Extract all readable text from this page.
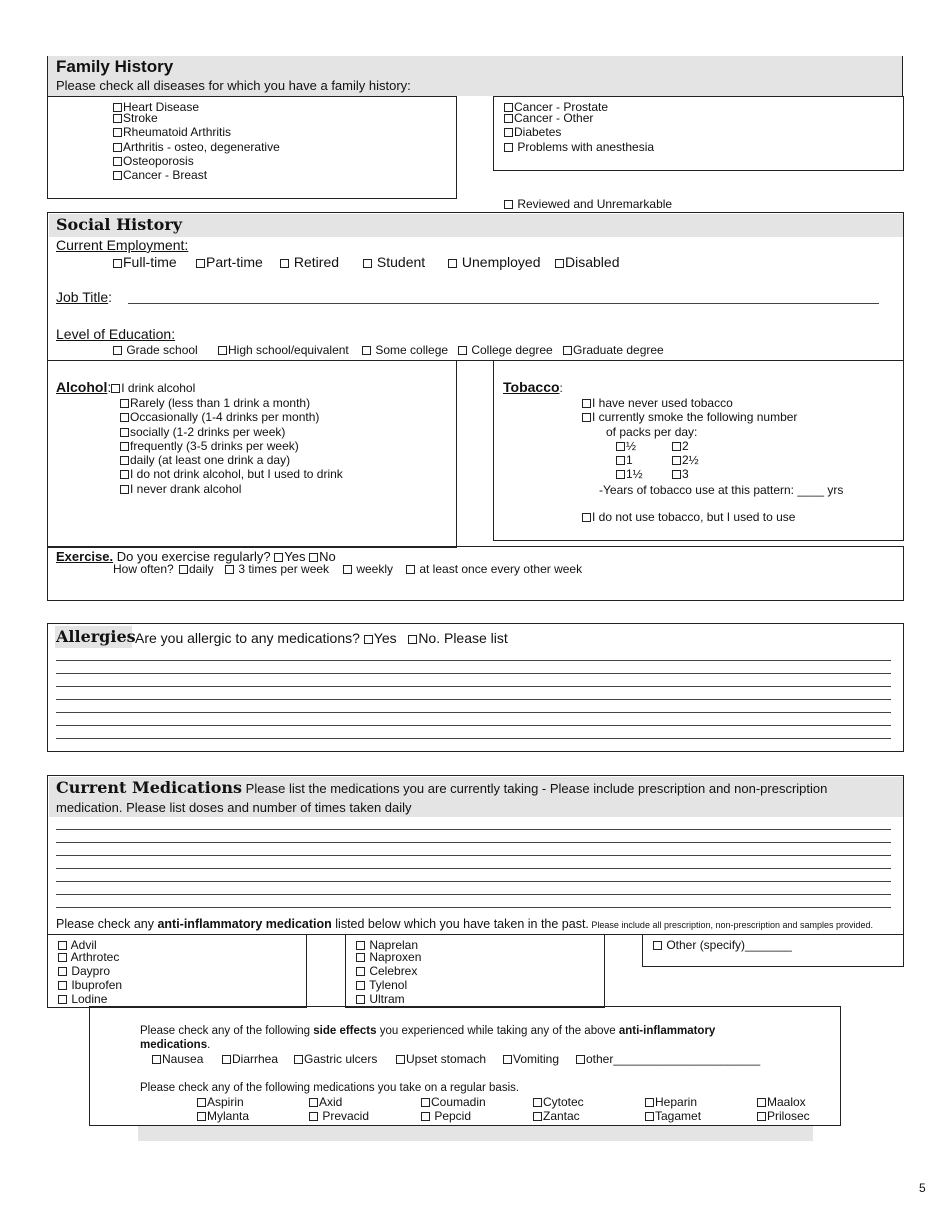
Family History
Please check all diseases for which you have a family history:
Heart Disease
Stroke
Rheumatoid Arthritis
Arthritis - osteo, degenerative
Osteoporosis
Cancer - Breast
Cancer - Prostate
Cancer - Other
Diabetes
Problems with anesthesia
Reviewed and Unremarkable
Social History
Current Employment:
Full-time	Part-time	Retired	Student	Unemployed	Disabled
Job Title:
Level of Education:
Grade school	High school/equivalent	Some college	College degree	Graduate degree
Alcohol: I drink alcohol
Rarely (less than 1 drink a month)
Occasionally (1-4 drinks per month)
socially (1-2 drinks per week)
frequently (3-5 drinks per week)
daily (at least one drink a day)
I do not drink alcohol, but I used to drink
I never drank alcohol
Tobacco:
I have never used tobacco
I currently smoke the following number
of packs per day:
½	2
1	2½
1½	3
-Years of tobacco use at this pattern: ____ yrs
I do not use tobacco, but I used to use
Exercise. Do you exercise regularly? Yes No
How often?	daily	3 times per week	weekly	at least once every other week
Allergies Are you allergic to any medications? Yes No. Please list
Current Medications Please list the medications you are currently taking - Please include prescription and non-prescription
medication. Please list doses and number of times taken daily
Please check any anti-inflammatory medication listed below which you have taken in the past. Please include all prescription, non-prescription and samples provided.
Advil
Arthrotec
Daypro
Ibuprofen
Lodine
Naprelan
Naproxen
Celebrex
Tylenol
Ultram
Other (specify)_______
Please check any of the following side effects you experienced while taking any of the above anti-inflammatory
medications.
Nausea	Diarrhea	Gastric ulcers	Upset stomach	Vomiting	other______________________
Please check any of the following medications you take on a regular basis.
Aspirin	Axid	Coumadin	Cytotec	Heparin	Maalox
Mylanta	Prevacid	Pepcid	Zantac	Tagamet	Prilosec
5
